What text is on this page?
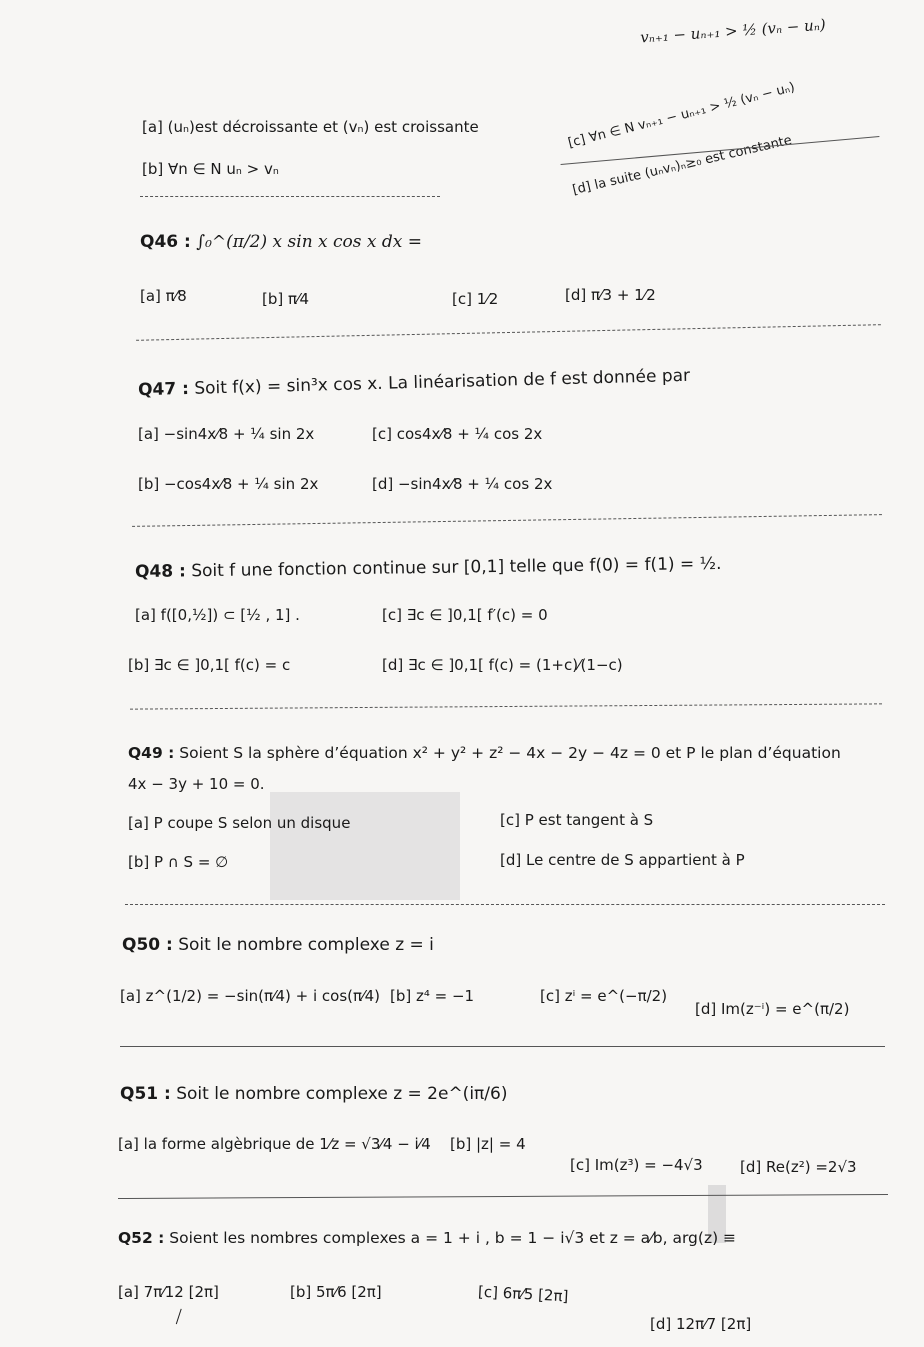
vₙ₊₁ − uₙ₊₁ > ½ (vₙ − uₙ)
[c] ∀n ∈ N vₙ₊₁ − uₙ₊₁ > ½ (vₙ − uₙ)
[d] la suite (uₙvₙ)ₙ≥₀ est constante
[a] (uₙ)est décroissante et (vₙ) est croissante
[b] ∀n ∈ N uₙ > vₙ
Q46 : ∫₀^(π/2) x sin x cos x dx =
[a] π⁄8	[b] π⁄4	[c] 1⁄2	[d] π⁄3 + 1⁄2
Q47 : Soit f(x) = sin³x cos x. La linéarisation de f est donnée par
[a] −sin4x⁄8 + ¼ sin 2x	[c] cos4x⁄8 + ¼ cos 2x
[b] −cos4x⁄8 + ¼ sin 2x	[d] −sin4x⁄8 + ¼ cos 2x
Q48 : Soit f une fonction continue sur [0,1] telle que f(0) = f(1) = ½.
[a] f([0,½]) ⊂ [½ , 1] .	[c] ∃c ∈ ]0,1[ f′(c) = 0
[b] ∃c ∈ ]0,1[ f(c) = c	[d] ∃c ∈ ]0,1[ f(c) = (1+c)⁄(1−c)
Q49 : Soient S la sphère d’équation x² + y² + z² − 4x − 2y − 4z = 0 et P le plan d’équation
4x − 3y + 10 = 0.
[a] P coupe S selon un disque	[c] P est tangent à S
[b] P ∩ S = ∅	[d] Le centre de S appartient à P
Q50 : Soit le nombre complexe z = i
[a] z^(1/2) = −sin(π⁄4) + i cos(π⁄4) [b] z⁴ = −1	[c] zⁱ = e^(−π/2)
[d] Im(z⁻ⁱ) = e^(π/2)
Q51 : Soit le nombre complexe z = 2e^(iπ/6)
[a] la forme algèbrique de 1⁄z = √3⁄4 − i⁄4 [b] |z| = 4
[c] Im(z³) = −4√3 [d] Re(z²) =2√3
Q52 : Soient les nombres complexes a = 1 + i , b = 1 − i√3 et z = a⁄b, arg(z) ≡
[a] 7π⁄12 [2π]	[b] 5π⁄6 [2π]	[c] 6π⁄5 [2π]
[d] 12π⁄7 [2π]
